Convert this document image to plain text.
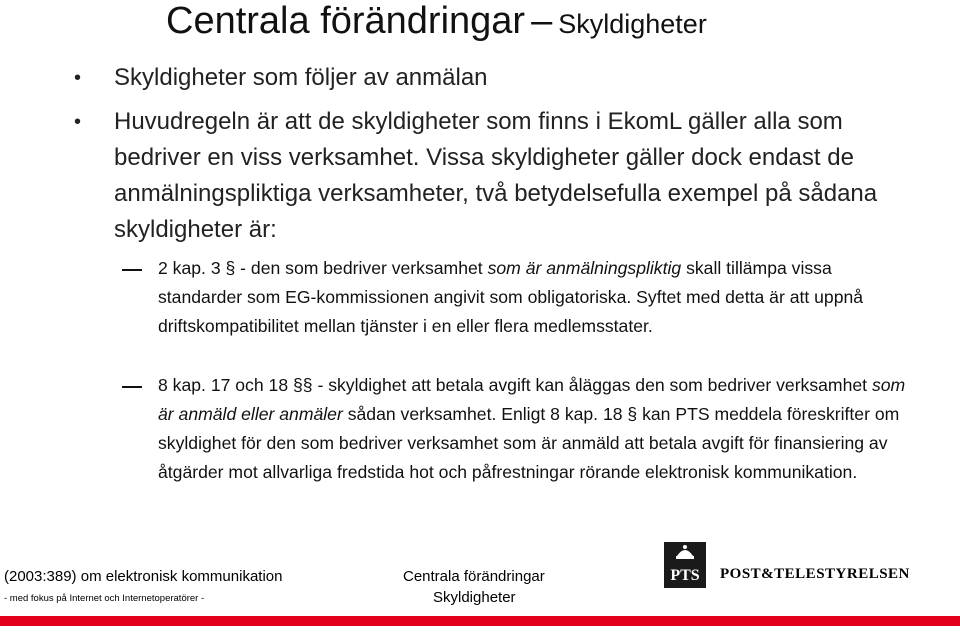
Centrala förändringar – Skyldigheter
• Skyldigheter som följer av anmälan
• Huvudregeln är att de skyldigheter som finns i EkomL gäller alla som bedriver en viss verksamhet. Vissa skyldigheter gäller dock endast de anmälningspliktiga verksamheter, två betydelsefulla exempel på sådana skyldigheter är:
2 kap. 3 § - den som bedriver verksamhet som är anmälningspliktig skall tillämpa vissa standarder som EG-kommissionen angivit som obligatoriska. Syftet med detta är att uppnå driftskompatibilitet mellan tjänster i en eller flera medlemsstater.
8 kap. 17 och 18 §§ - skyldighet att betala avgift kan åläggas den som bedriver verksamhet som är anmäld eller anmäler sådan verksamhet. Enligt 8 kap. 18 § kan PTS meddela föreskrifter om skyldighet för den som bedriver verksamhet som är anmäld att betala avgift för finansiering av åtgärder mot allvarliga fredstida hot och påfrestningar rörande elektronisk kommunikation.
(2003:389) om elektronisk kommunikation
- med fokus på Internet och Internetoperatörer -
Centrala förändringar
Skyldigheter
PTS POST&TELESTYRELSEN
